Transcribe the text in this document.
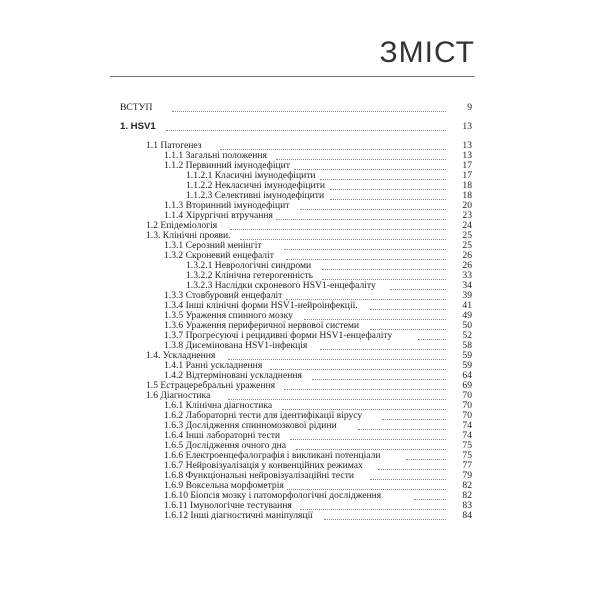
ЗМІСТ
ВСТУП	9
1. HSV1	13
1.1 Патогенез	13
1.1.1 Загальні положення	13
1.1.2 Первинний імунодефіцит	17
1.1.2.1 Класичні імунодефіцити	17
1.1.2.2 Некласичні імунодефіцити	18
1.1.2.3 Селективні імунодефіцити	18
1.1.3 Вторинний імунодефіцит	20
1.1.4 Хірургічні втручання	23
1.2 Епідеміологія	24
1.3. Клінічні прояви.	25
1.3.1 Серозний менінгіт	25
1.3.2 Скроневий енцефаліт	26
1.3.2.1 Неврологічні синдроми	26
1.3.2.2 Клінічна гетерогенність	33
1.3.2.3 Наслідки скроневого HSV1-енцефаліту	34
1.3.3 Стовбуровий енцефаліт	39
1.3.4 Інші клінічні форми HSV1-нейроінфекції.	41
1.3.5 Ураження спинного мозку	49
1.3.6 Ураження периферичної нервової системи	50
1.3.7 Прогресуючі і рецидивні форми HSV1-енцефаліту	52
1.3.8 Дисемінована HSV1-інфекція	58
1.4. Ускладнення	59
1.4.1 Ранні ускладнення	59
1.4.2 Відтерміновані ускладнення	64
1.5 Естрацеребральні ураження	69
1.6 Діагностика	70
1.6.1 Клінічна діагностика	70
1.6.2 Лабораторні тести для ідентифікації вірусу	70
1.6.3 Дослідження спинномозкової рідини	74
1.6.4 Інші лабораторні тести	74
1.6.5 Дослідження очного дна	75
1.6.6 Електроенцефалографія і викликані потенціали	75
1.6.7 Нейровізуалізація у конвенційних режимах	77
1.6.8 Функціональні нейровізуалізаційні тести	79
1.6.9 Воксельна морфометрія	82
1.6.10 Біопсія мозку і патоморфологічні дослідження	82
1.6.11 Імунологічне тестування	83
1.6.12 Інші діагностичні маніпуляції	84
